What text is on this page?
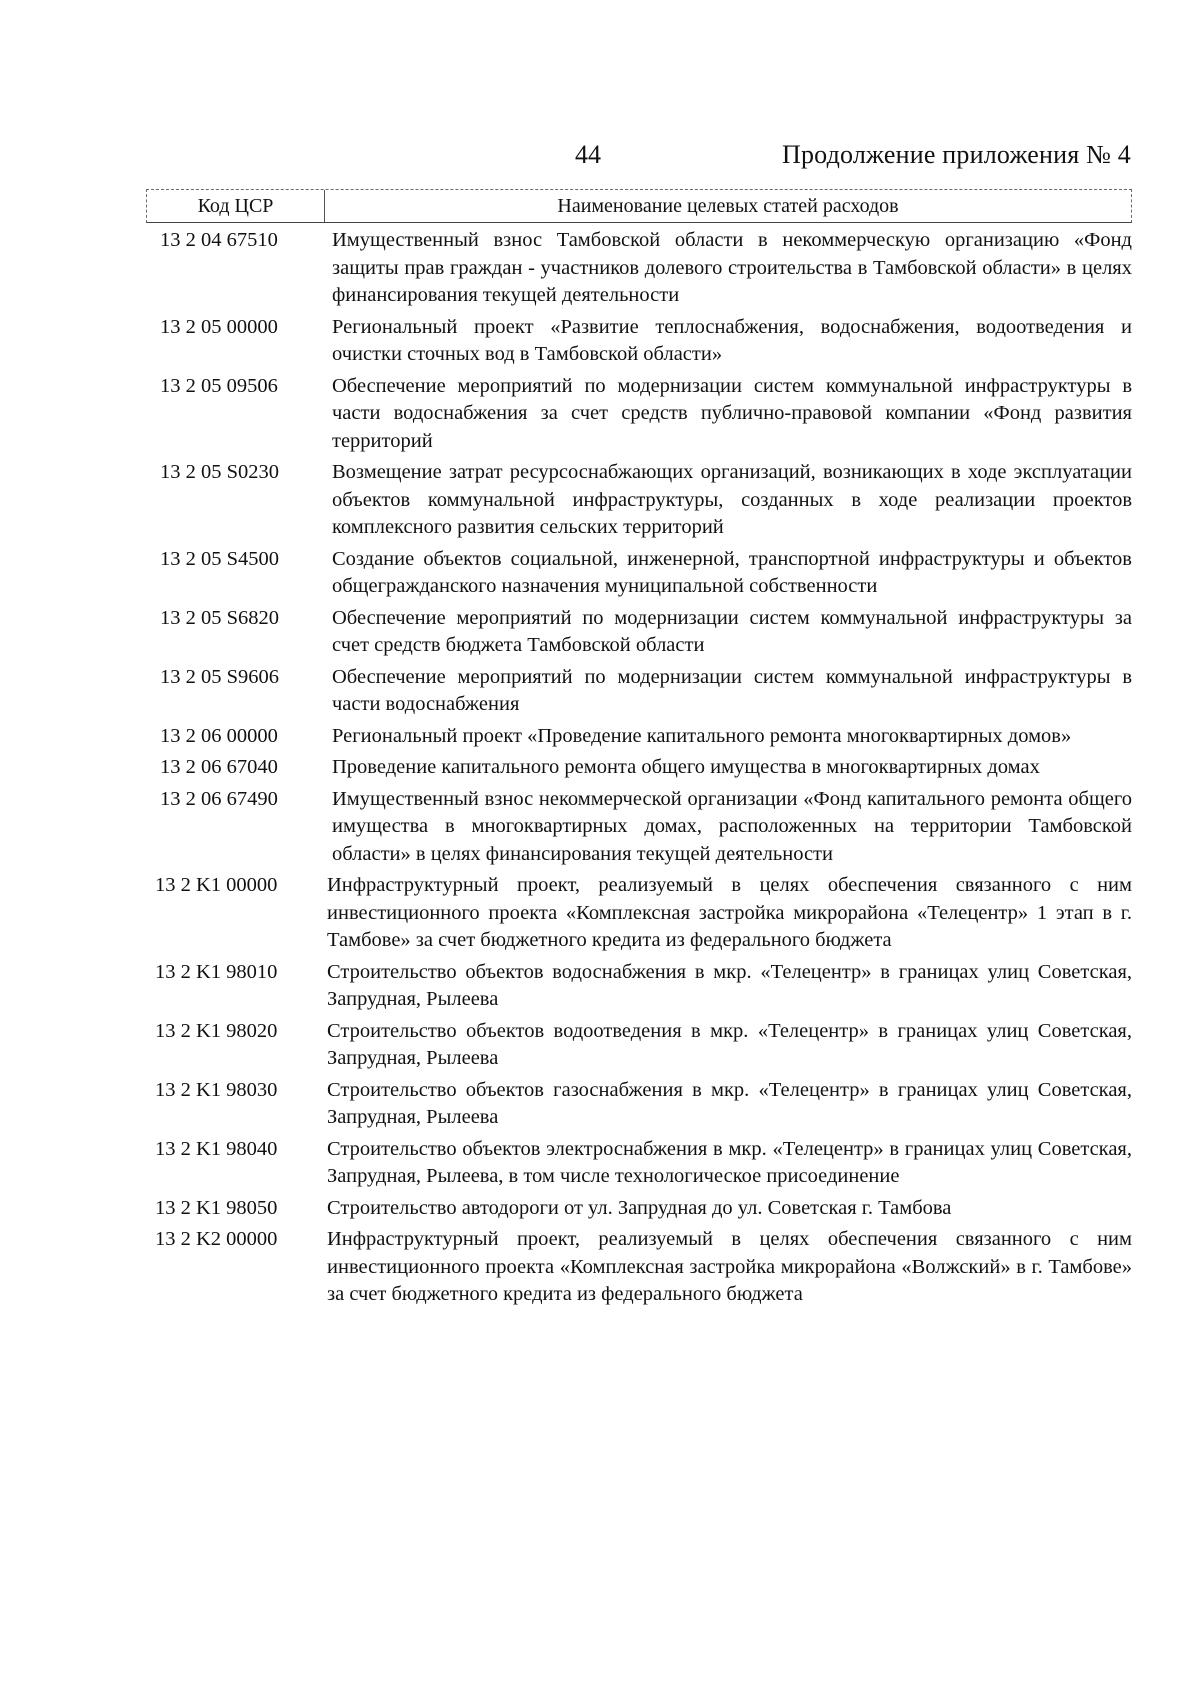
44	Продолжение приложения № 4
Код ЦСР	Наименование целевых статей расходов
13 2 04 67510	Имущественный взнос Тамбовской области в некоммерческую организацию «Фонд защиты прав граждан - участников долевого строительства в Тамбовской области» в целях финансирования текущей деятельности
13 2 05 00000	Региональный проект «Развитие теплоснабжения, водоснабжения, водоотведения и очистки сточных вод в Тамбовской области»
13 2 05 09506	Обеспечение мероприятий по модернизации систем коммунальной инфраструктуры в части водоснабжения за счет средств публично-правовой компании «Фонд развития территорий
13 2 05 S0230	Возмещение затрат ресурсоснабжающих организаций, возникающих в ходе эксплуатации объектов коммунальной инфраструктуры, созданных в ходе реализации проектов комплексного развития сельских территорий
13 2 05 S4500	Создание объектов социальной, инженерной, транспортной инфраструктуры и объектов общегражданского назначения муниципальной собственности
13 2 05 S6820	Обеспечение мероприятий по модернизации систем коммунальной инфраструктуры за счет средств бюджета Тамбовской области
13 2 05 S9606	Обеспечение мероприятий по модернизации систем коммунальной инфраструктуры в части водоснабжения
13 2 06 00000	Региональный проект «Проведение капитального ремонта многоквартирных домов»
13 2 06 67040	Проведение капитального ремонта общего имущества в многоквартирных домах
13 2 06 67490	Имущественный взнос некоммерческой организации «Фонд капитального ремонта общего имущества в многоквартирных домах, расположенных на территории Тамбовской области» в целях финансирования текущей деятельности
13 2 K1 00000	Инфраструктурный проект, реализуемый в целях обеспечения связанного с ним инвестиционного проекта «Комплексная застройка микрорайона «Телецентр» 1 этап в г. Тамбове» за счет бюджетного кредита из федерального бюджета
13 2 K1 98010	Строительство объектов водоснабжения в мкр. «Телецентр» в границах улиц Советская, Запрудная, Рылеева
13 2 K1 98020	Строительство объектов водоотведения в мкр. «Телецентр» в границах улиц Советская, Запрудная, Рылеева
13 2 K1 98030	Строительство объектов газоснабжения в мкр. «Телецентр» в границах улиц Советская, Запрудная, Рылеева
13 2 K1 98040	Строительство объектов электроснабжения в мкр. «Телецентр» в границах улиц Советская, Запрудная, Рылеева, в том числе технологическое присоединение
13 2 K1 98050	Строительство автодороги от ул. Запрудная до ул. Советская г. Тамбова
13 2 K2 00000	Инфраструктурный проект, реализуемый в целях обеспечения связанного с ним инвестиционного проекта «Комплексная застройка микрорайона «Волжский» в г. Тамбове» за счет бюджетного кредита из федерального бюджета
